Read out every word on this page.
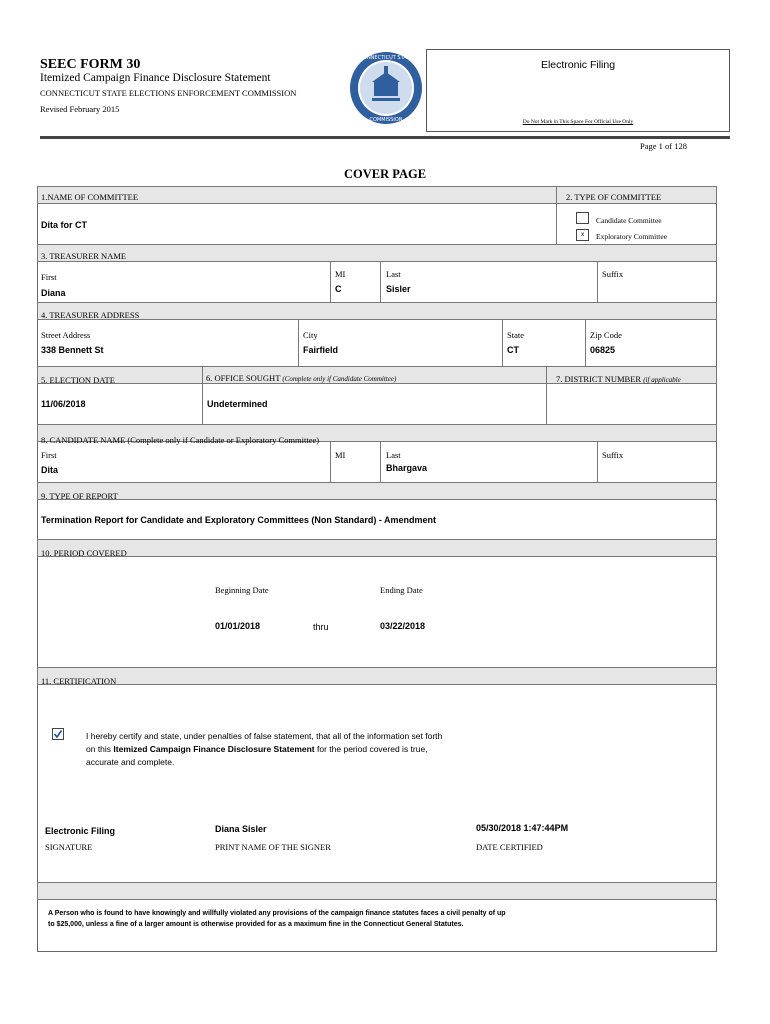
SEEC FORM 30
Itemized Campaign Finance Disclosure Statement
CONNECTICUT STATE ELECTIONS ENFORCEMENT COMMISSION
Revised February 2015
CONNECTICUT STATE
COMMISSION
Electronic Filing
Do Not Mark in This Space For Official Use Only
Page 1 of 128
COVER PAGE
1.NAME OF COMMITTEE	2. TYPE OF COMMITTEE
Dita for CT	Candidate Committee
x Exploratory Committee
3. TREASURER NAME
First
Diana
MI
C
Last
Sisler
Suffix
4. TREASURER ADDRESS
Street Address
338 Bennett St
City
Fairfield
State
CT
Zip Code
06825
5. ELECTION DATE	6. OFFICE SOUGHT (Complete only if Candidate Committee)	7. DISTRICT NUMBER (if applicable
11/06/2018	Undetermined
8. CANDIDATE NAME (Complete only if Candidate or Exploratory Committee)
First
Dita
MI	Last
Bhargava
Suffix
9. TYPE OF REPORT
Termination Report for Candidate and Exploratory Committees (Non Standard) - Amendment
10. PERIOD COVERED
Beginning Date
01/01/2018	thru
Ending Date
03/22/2018
11. CERTIFICATION
I hereby certify and state, under penalties of false statement, that all of the information set forth
on this Itemized Campaign Finance Disclosure Statement for the period covered is true,
accurate and complete.
Electronic Filing
SIGNATURE
Diana Sisler
PRINT NAME OF THE SIGNER
05/30/2018 1:47:44PM
DATE CERTIFIED
A Person who is found to have knowingly and willfully violated any provisions of the campaign finance statutes faces a civil penalty of up
to $25,000, unless a fine of a larger amount is otherwise provided for as a maximum fine in the Connecticut General Statutes.
